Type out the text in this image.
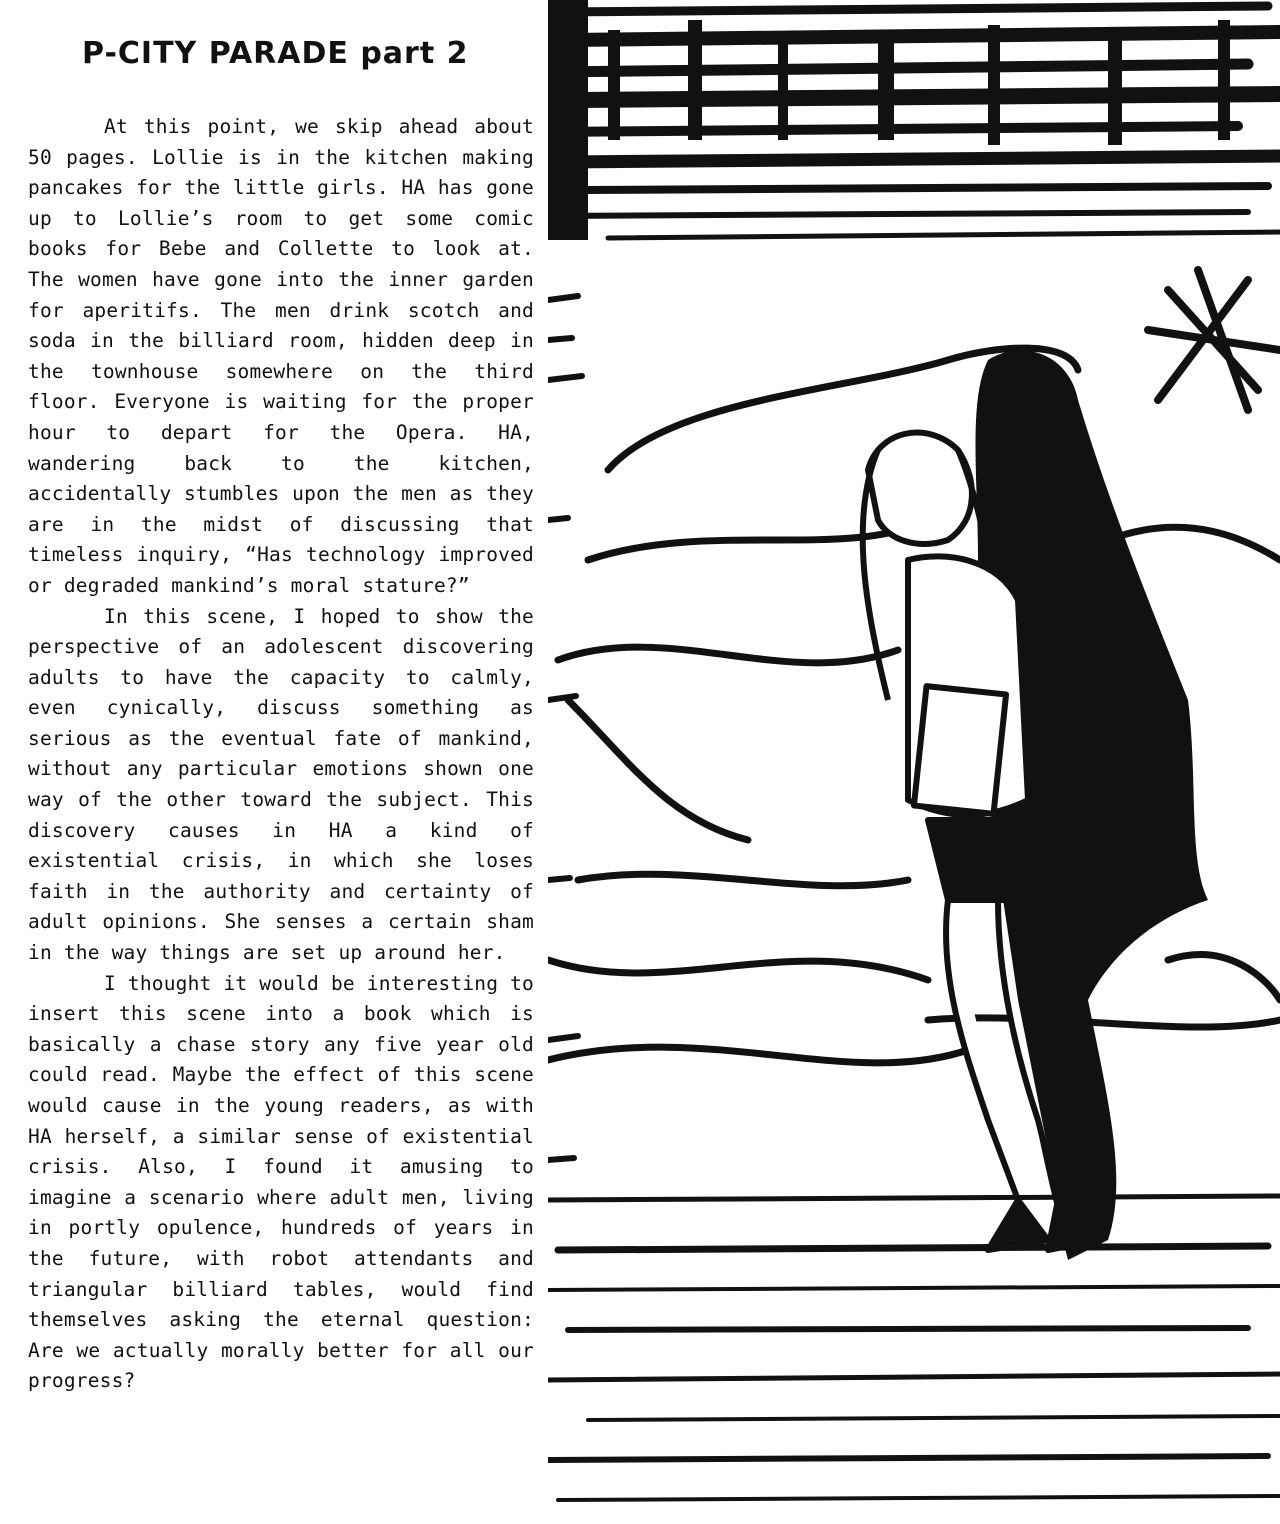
P-CITY PARADE part 2

At this point, we skip ahead about 50 pages. Lollie is in the kitchen making pancakes for the little girls. HA has gone up to Lollie’s room to get some comic books for Bebe and Collette to look at. The women have gone into the inner garden for aperitifs. The men drink scotch and soda in the billiard room, hidden deep in the townhouse somewhere on the third floor. Everyone is waiting for the proper hour to depart for the Opera. HA, wandering back to the kitchen, accidentally stumbles upon the men as they are in the midst of discussing that timeless inquiry, “Has technology improved or degraded mankind’s moral stature?”

In this scene, I hoped to show the perspective of an adolescent discovering adults to have the capacity to calmly, even cynically, discuss something as serious as the eventual fate of mankind, without any particular emotions shown one way of the other toward the subject. This discovery causes in HA a kind of existential crisis, in which she loses faith in the authority and certainty of adult opinions. She senses a certain sham in the way things are set up around her.

I thought it would be interesting to insert this scene into a book which is basically a chase story any five year old could read. Maybe the effect of this scene would cause in the young readers, as with HA herself, a similar sense of existential crisis. Also, I found it amusing to imagine a scenario where adult men, living in portly opulence, hundreds of years in the future, with robot attendants and triangular billiard tables, would find themselves asking the eternal question: Are we actually morally better for all our progress?
